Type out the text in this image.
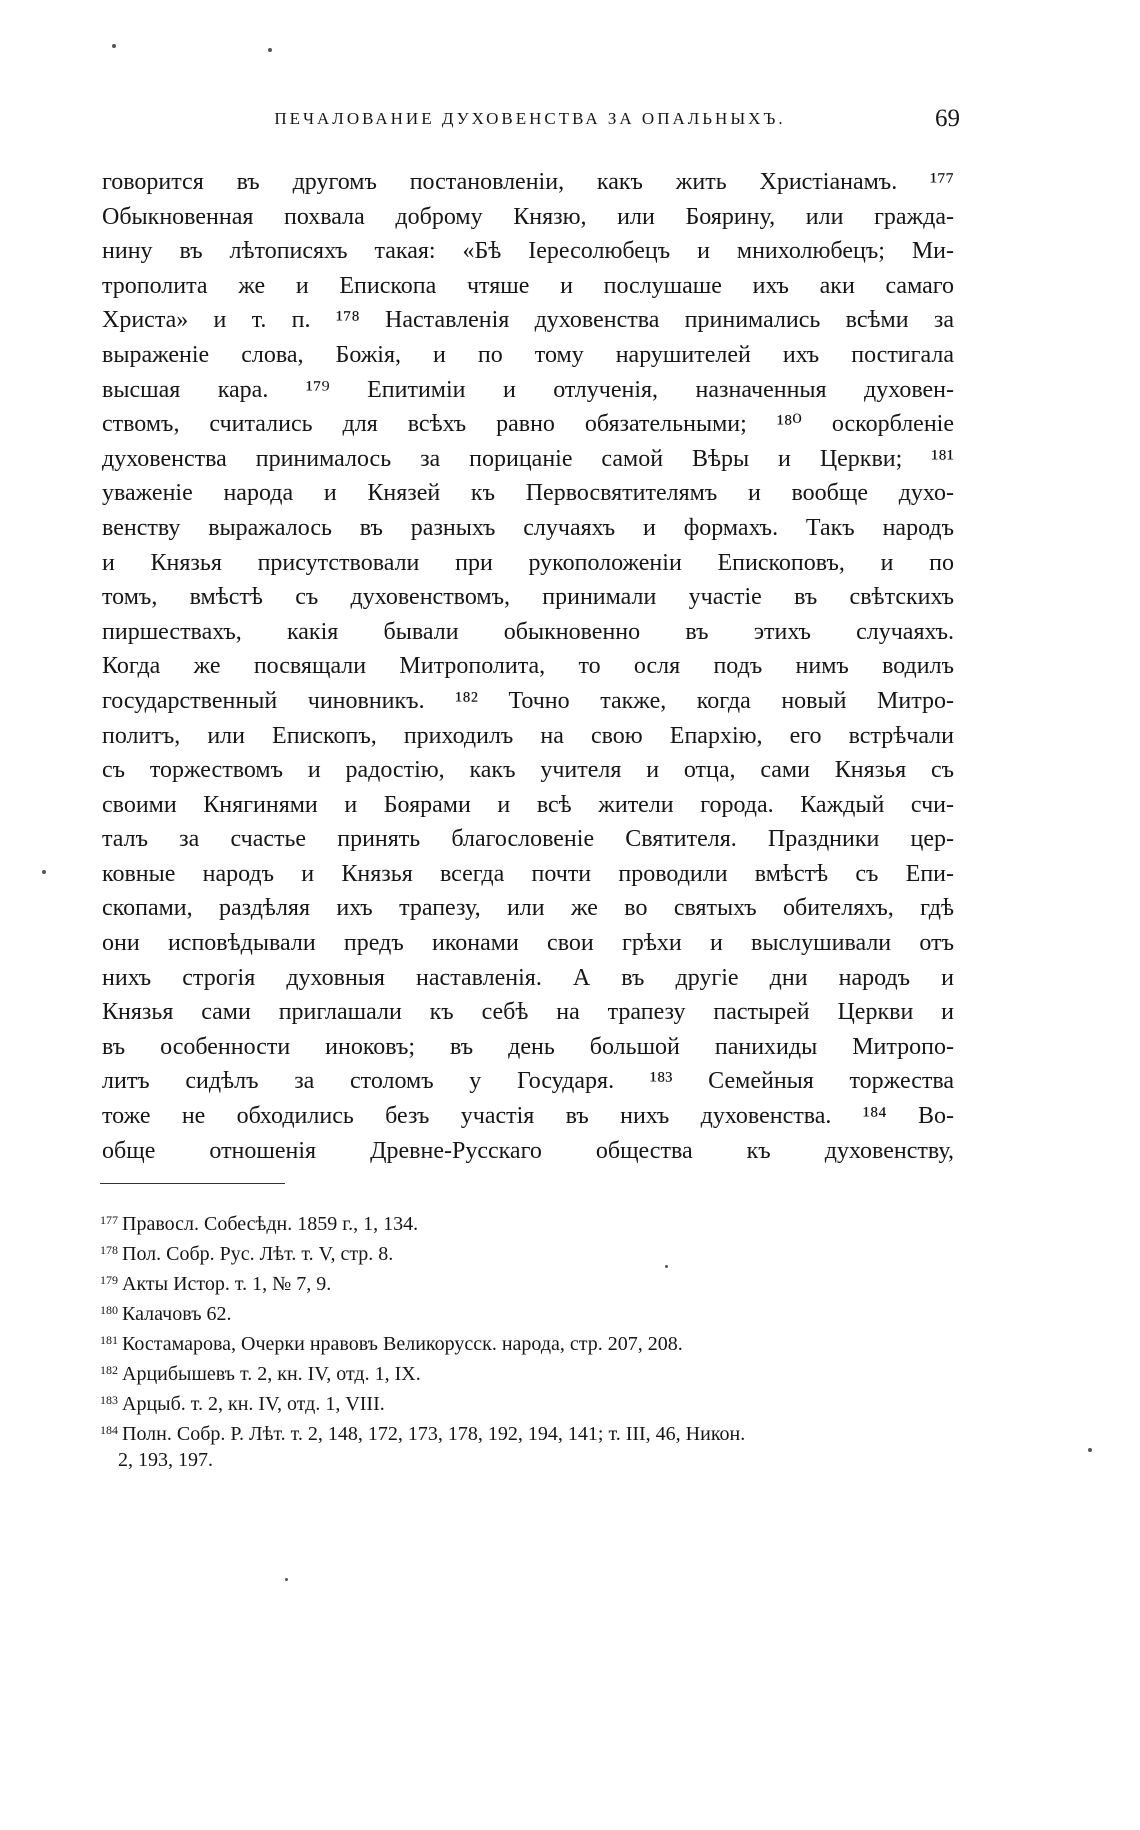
ПЕЧАЛОВАНИЕ ДУХОВЕНСТВА ЗА ОПАЛЬНЫХЪ.	69
говорится въ другомъ постановленіи, какъ жить Христіанамъ. ¹⁷⁷
Обыкновенная похвала доброму Князю, или Боярину, или гражда-
нину въ лѣтописяхъ такая: «Бѣ Іересолюбецъ и мнихолюбецъ; Ми-
трополита же и Епископа чтяше и послушаше ихъ аки самаго
Христа» и т. п. ¹⁷⁸ Наставленія духовенства принимались всѣми за
выраженіе слова, Божія, и по тому нарушителей ихъ постигала
высшая кара. ¹⁷⁹ Епитиміи и отлученія, назначенныя духовен-
ствомъ, считались для всѣхъ равно обязательными; ¹⁸⁰ оскорбленіе
духовенства принималось за порицаніе самой Вѣры и Церкви; ¹⁸¹
уваженіе народа и Князей къ Первосвятителямъ и вообще духо-
венству выражалось въ разныхъ случаяхъ и формахъ. Такъ народъ
и Князья присутствовали при рукоположеніи Епископовъ, и по
томъ, вмѣстѣ съ духовенствомъ, принимали участіе въ свѣтскихъ
пиршествахъ, какія бывали обыкновенно въ этихъ случаяхъ.
Когда же посвящали Митрополита, то осля подъ нимъ водилъ
государственный чиновникъ. ¹⁸² Точно также, когда новый Митро-
политъ, или Епископъ, приходилъ на свою Епархію, его встрѣчали
съ торжествомъ и радостію, какъ учителя и отца, сами Князья съ
своими Княгинями и Боярами и всѣ жители города. Каждый счи-
талъ за счастье принять благословеніе Святителя. Праздники цер-
ковные народъ и Князья всегда почти проводили вмѣстѣ съ Епи-
скопами, раздѣляя ихъ трапезу, или же во святыхъ обителяхъ, гдѣ
они исповѣдывали предъ иконами свои грѣхи и выслушивали отъ
нихъ строгія духовныя наставленія. А въ другіе дни народъ и
Князья сами приглашали къ себѣ на трапезу пастырей Церкви и
въ особенности иноковъ; въ день большой панихиды Митропо-
литъ сидѣлъ за столомъ у Государя. ¹⁸³ Семейныя торжества
тоже не обходились безъ участія въ нихъ духовенства. ¹⁸⁴ Во-
обще отношенія Древне-Русскаго общества къ духовенству,
$^{177}$ Правосл. Собесѣдн. 1859 г., 1, 134.
$^{178}$ Пол. Собр. Рус. Лѣт. т. V, стр. 8.
$^{179}$ Акты Истор. т. 1, № 7, 9.
$^{180}$ Калачовъ 62.
$^{181}$ Костамарова, Очерки нравовъ Великорусск. народа, стр. 207, 208.
$^{182}$ Арцибышевъ т. 2, кн. IV, отд. 1, IX.
$^{183}$ Арцыб. т. 2, кн. IV, отд. 1, VIII.
$^{184}$ Полн. Собр. Р. Лѣт. т. 2, 148, 172, 173, 178, 192, 194, 141; т. III, 46, Никон.
2, 193, 197.
